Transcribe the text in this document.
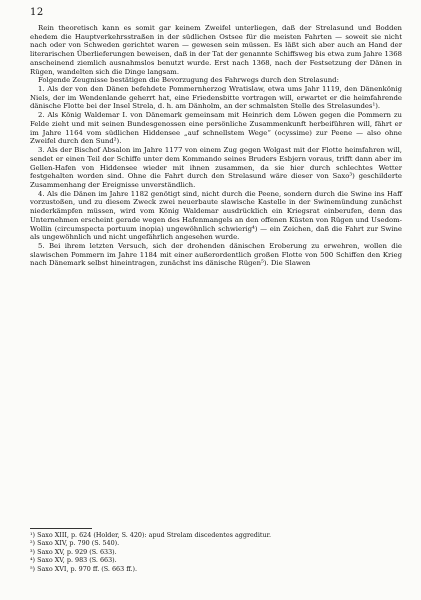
12

Rein theoretisch kann es somit gar keinem Zweifel unterliegen, daß der Strelasund und Bodden ehedem die Hauptverkehrsstraßen in der südlichen Ostsee für die meisten Fahrten — soweit sie nicht nach oder von Schweden gerichtet waren — gewesen sein müssen. Es läßt sich aber auch an Hand der literarischen Überlieferungen beweisen, daß in der Tat der genannte Schiffsweg bis etwa zum Jahre 1368 anscheinend ziemlich ausnahmslos benutzt wurde. Erst nach 1368, nach der Festsetzung der Dänen in Rügen, wandelten sich die Dinge langsam.

Folgende Zeugnisse bestätigen die Bevorzugung des Fahrwegs durch den Strelasund:

1. Als der von den Dänen befehdete Pommernherzog Wratislaw, etwa ums Jahr 1119, den Dänenkönig Niels, der im Wendenlande geherrt hat, eine Friedensbitte vortragen will, erwartet er die heimfahrende dänische Flotte bei der Insel Strela, d. h. am Dänholm, an der schmalsten Stelle des Strelasundes¹).

2. Als König Waldemar I. von Dänemark gemeinsam mit Heinrich dem Löwen gegen die Pommern zu Felde zieht und mit seinen Bundesgenossen eine persönliche Zusammenkunft herbeiführen will, fährt er im Jahre 1164 vom südlichen Hiddensee „auf schnellstem Wege“ (ocyssime) zur Peene — also ohne Zweifel durch den Sund²).

3. Als der Bischof Absalon im Jahre 1177 von einem Zug gegen Wolgast mit der Flotte heimfahren will, sendet er einen Teil der Schiffe unter dem Kommando seines Bruders Esbjern voraus, trifft dann aber im Gellen-Hafen von Hiddensee wieder mit ihnen zusammen, da sie hier durch schlechtes Wetter festgehalten worden sind. Ohne die Fahrt durch den Strelasund wäre dieser von Saxo³) geschilderte Zusammenhang der Ereignisse unverständlich.

4. Als die Dänen im Jahre 1182 genötigt sind, nicht durch die Peene, sondern durch die Swine ins Haff vorzustoßen, und zu diesem Zweck zwei neuerbaute slawische Kastelle in der Swinemündung zunächst niederkämpfen müssen, wird vom König Waldemar ausdrücklich ein Kriegsrat einberufen, denn das Unternehmen erscheint gerade wegen des Hafenmangels an den offenen Küsten von Rügen und Usedom-Wollin (circumspecta portuum inopia) ungewöhnlich schwierig⁴) — ein Zeichen, daß die Fahrt zur Swine als ungewöhnlich und nicht ungefährlich angesehen wurde.

5. Bei ihrem letzten Versuch, sich der drohenden dänischen Eroberung zu erwehren, wollen die slawischen Pommern im Jahre 1184 mit einer außerordentlich großen Flotte von 500 Schiffen den Krieg nach Dänemark selbst hineintragen, zunächst ins dänische Rügen⁵). Die Slawen

¹) Saxo XIII, p. 624 (Holder, S. 420): apud Strelam discedentes aggreditur.
²) Saxo XIV, p. 790 (S. 540).
³) Saxo XV, p. 929 (S. 633).
⁴) Saxo XV, p. 983 (S. 663).
⁵) Saxo XVI, p. 970 ff. (S. 663 ff.).
